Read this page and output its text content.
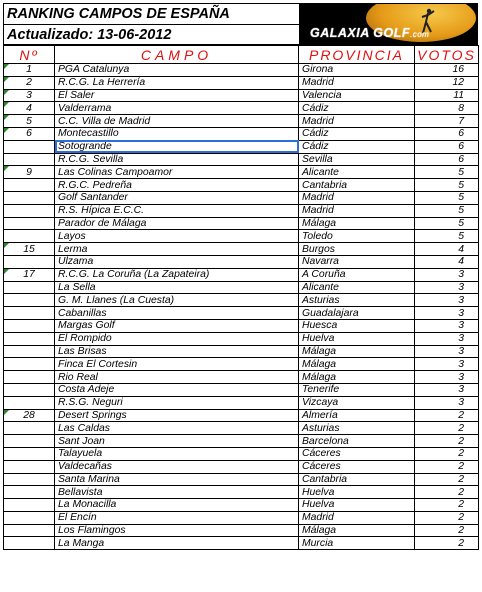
RANKING CAMPOS DE ESPAÑA
Actualizado: 13-06-2012	GALAXIA GOLF.com
Nº	CAMPO	PROVINCIA	VOTOS

1	PGA Catalunya	Girona	16

2	R.C.G. La Herrería	Madrid	12

3	El Saler	Valencia	11

4	Valderrama	Cádiz	8

5	C.C. Villa de Madrid	Madrid	7

6	Montecastillo	Cádiz	6
	Sotogrande	Cádiz	6
	R.C.G. Sevilla	Sevilla	6

9	Las Colinas Campoamor	Alicante	5
	R.G.C. Pedreña	Cantabria	5
	Golf Santander	Madrid	5
	R.S. Hípica E.C.C.	Madrid	5
	Parador de Málaga	Málaga	5
	Layos	Toledo	5

15	Lerma	Burgos	4
	Ulzama	Navarra	4

17	R.C.G. La Coruña (La Zapateira)	A Coruña	3
	La Sella	Alicante	3
	G. M. Llanes (La Cuesta)	Asturias	3
	Cabanillas	Guadalajara	3
	Margas Golf	Huesca	3
	El Rompido	Huelva	3
	Las Brisas	Málaga	3
	Finca El Cortesin	Málaga	3
	Rio Real	Málaga	3
	Costa Adeje	Tenerife	3
	R.S.G. Neguri	Vizcaya	3

28	Desert Springs	Almería	2
	Las Caldas	Asturias	2
	Sant Joan	Barcelona	2
	Talayuela	Cáceres	2
	Valdecañas	Cáceres	2
	Santa Marina	Cantabria	2
	Bellavista	Huelva	2
	La Monacilla	Huelva	2
	El Encín	Madrid	2
	Los Flamingos	Málaga	2
	La Manga	Murcia	2
